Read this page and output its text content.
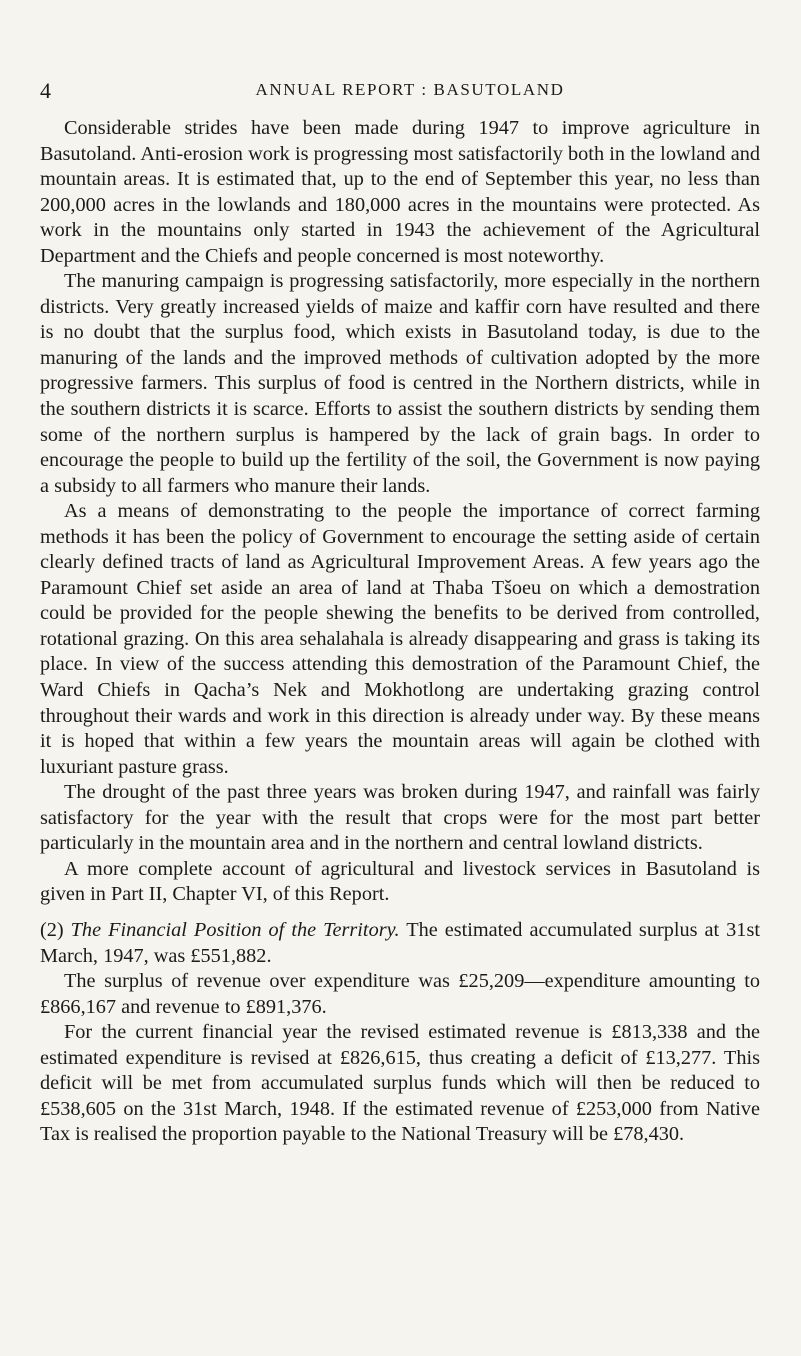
4	ANNUAL REPORT : BASUTOLAND

Considerable strides have been made during 1947 to improve agriculture in Basutoland. Anti-erosion work is progressing most satisfactorily both in the lowland and mountain areas. It is estimated that, up to the end of September this year, no less than 200,000 acres in the lowlands and 180,000 acres in the mountains were protected. As work in the mountains only started in 1943 the achievement of the Agricultural Department and the Chiefs and people concerned is most noteworthy.

The manuring campaign is progressing satisfactorily, more especially in the northern districts. Very greatly increased yields of maize and kaffir corn have resulted and there is no doubt that the surplus food, which exists in Basutoland today, is due to the manuring of the lands and the improved methods of cultivation adopted by the more progressive farmers. This surplus of food is centred in the Northern districts, while in the southern districts it is scarce. Efforts to assist the southern districts by sending them some of the northern surplus is hampered by the lack of grain bags. In order to encourage the people to build up the fertility of the soil, the Government is now paying a subsidy to all farmers who manure their lands.

As a means of demonstrating to the people the importance of correct farming methods it has been the policy of Government to encourage the setting aside of certain clearly defined tracts of land as Agricultural Improvement Areas. A few years ago the Paramount Chief set aside an area of land at Thaba Tšoeu on which a demostration could be provided for the people shewing the benefits to be derived from controlled, rotational grazing. On this area sehalahala is already disappearing and grass is taking its place. In view of the success attending this demostration of the Paramount Chief, the Ward Chiefs in Qacha’s Nek and Mokhotlong are undertaking grazing control throughout their wards and work in this direction is already under way. By these means it is hoped that within a few years the mountain areas will again be clothed with luxuriant pasture grass.

The drought of the past three years was broken during 1947, and rainfall was fairly satisfactory for the year with the result that crops were for the most part better particularly in the mountain area and in the northern and central lowland districts.

A more complete account of agricultural and livestock services in Basutoland is given in Part II, Chapter VI, of this Report.

(2) The Financial Position of the Territory. The estimated accumulated surplus at 31st March, 1947, was £551,882.

The surplus of revenue over expenditure was £25,209—expenditure amounting to £866,167 and revenue to £891,376.

For the current financial year the revised estimated revenue is £813,338 and the estimated expenditure is revised at £826,615, thus creating a deficit of £13,277. This deficit will be met from accumulated surplus funds which will then be reduced to £538,605 on the 31st March, 1948. If the estimated revenue of £253,000 from Native Tax is realised the proportion payable to the National Treasury will be £78,430.
